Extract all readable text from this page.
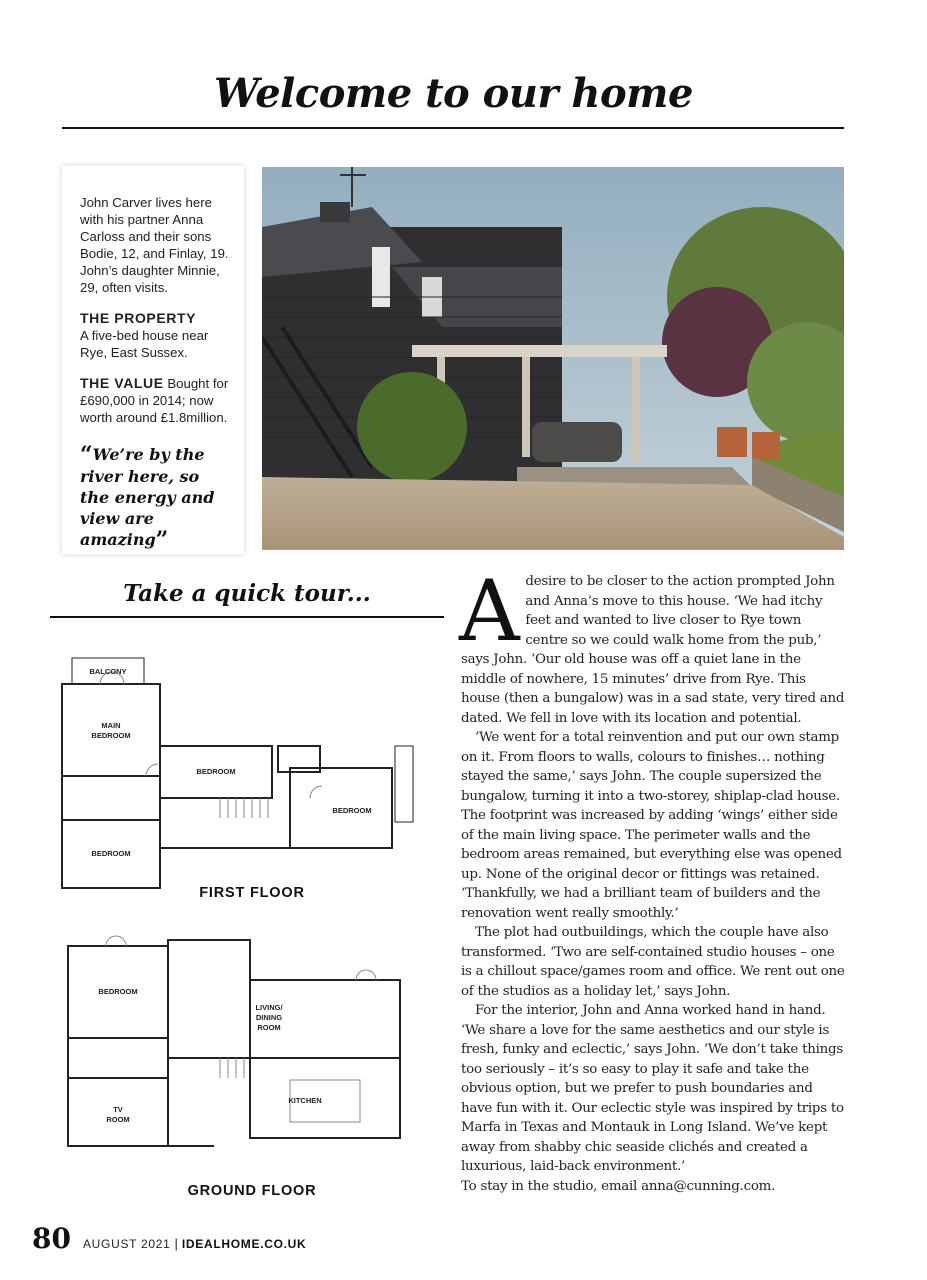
Welcome to our home

John Carver lives here with his partner Anna Carloss and their sons Bodie, 12, and Finlay, 19. John’s daughter Minnie, 29, often visits.

THE PROPERTY
A five-bed house near Rye, East Sussex.

THE VALUE Bought for £690,000 in 2014; now worth around £1.8million.

“We’re by the river here, so the energy and view are amazing”

Take a quick tour...
BALCONY
MAIN
BEDROOM
BEDROOM
BEDROOM
BEDROOM
FIRST FLOOR
BEDROOM
LIVING/
DINING
ROOM
TV
ROOM
KITCHEN
GROUND FLOOR
A desire to be closer to the action prompted John and Anna’s move to this house. ‘We had itchy feet and wanted to live closer to Rye town centre so we could walk home from the pub,’ says John. ‘Our old house was off a quiet lane in the middle of nowhere, 15 minutes’ drive from Rye. This house (then a bungalow) was in a sad state, very tired and dated. We fell in love with its location and potential.

‘We went for a total reinvention and put our own stamp on it. From floors to walls, colours to finishes… nothing stayed the same,’ says John. The couple supersized the bungalow, turning it into a two-storey, shiplap-clad house. The footprint was increased by adding ‘wings’ either side of the main living space. The perimeter walls and the bedroom areas remained, but everything else was opened up. None of the original decor or fittings was retained. ‘Thankfully, we had a brilliant team of builders and the renovation went really smoothly.’

The plot had outbuildings, which the couple have also transformed. ‘Two are self-contained studio houses – one is a chillout space/games room and office. We rent out one of the studios as a holiday let,’ says John.

For the interior, John and Anna worked hand in hand. ‘We share a love for the same aesthetics and our style is fresh, funky and eclectic,’ says John. ‘We don’t take things too seriously – it’s so easy to play it safe and take the obvious option, but we prefer to push boundaries and have fun with it. Our eclectic style was inspired by trips to Marfa in Texas and Montauk in Long Island. We’ve kept away from shabby chic seaside clichés and created a luxurious, laid-back environment.’

To stay in the studio, email anna@cunning.com.

80 AUGUST 2021 | IDEALHOME.CO.UK
